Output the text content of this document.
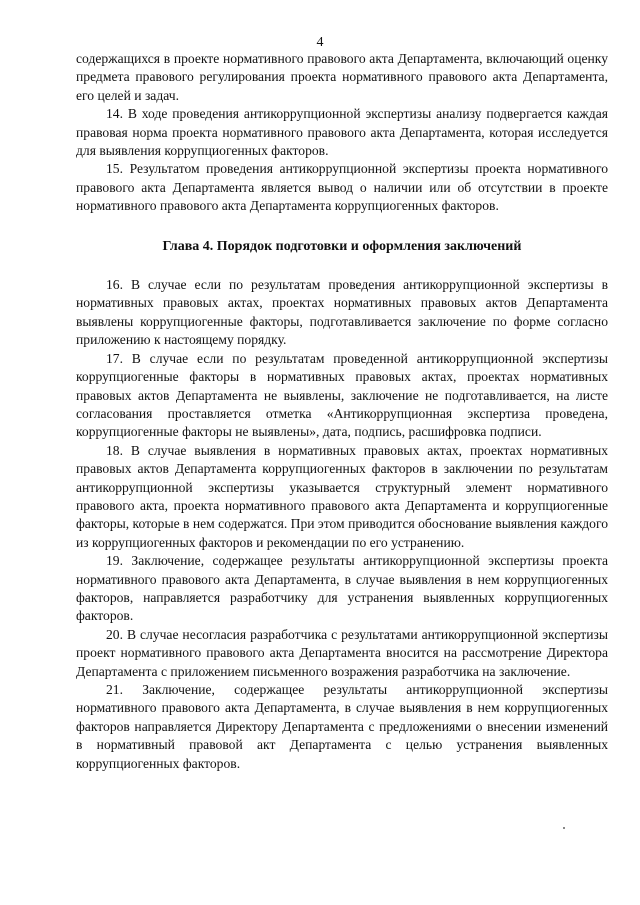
4

содержащихся в проекте нормативного правового акта Департамента, включающий оценку предмета правового регулирования проекта нормативного правового акта Департамента, его целей и задач.

14. В ходе проведения антикоррупционной экспертизы анализу подвергается каждая правовая норма проекта нормативного правового акта Департамента, которая исследуется для выявления коррупциогенных факторов.

15. Результатом проведения антикоррупционной экспертизы проекта нормативного правового акта Департамента является вывод о наличии или об отсутствии в проекте нормативного правового акта Департамента коррупциогенных факторов.

Глава 4. Порядок подготовки и оформления заключений

16. В случае если по результатам проведения антикоррупционной экспертизы в нормативных правовых актах, проектах нормативных правовых актов Департамента выявлены коррупциогенные факторы, подготавливается заключение по форме согласно приложению к настоящему порядку.

17. В случае если по результатам проведенной антикоррупционной экспертизы коррупциогенные факторы в нормативных правовых актах, проектах нормативных правовых актов Департамента не выявлены, заключение не подготавливается, на листе согласования проставляется отметка «Антикоррупционная экспертиза проведена, коррупциогенные факторы не выявлены», дата, подпись, расшифровка подписи.

18. В случае выявления в нормативных правовых актах, проектах нормативных правовых актов Департамента коррупциогенных факторов в заключении по результатам антикоррупционной экспертизы указывается структурный элемент нормативного правового акта, проекта нормативного правового акта Департамента и коррупциогенные факторы, которые в нем содержатся. При этом приводится обоснование выявления каждого из коррупциогенных факторов и рекомендации по его устранению.

19. Заключение, содержащее результаты антикоррупционной экспертизы проекта нормативного правового акта Департамента, в случае выявления в нем коррупциогенных факторов, направляется разработчику для устранения выявленных коррупциогенных факторов.

20. В случае несогласия разработчика с результатами антикоррупционной экспертизы проект нормативного правового акта Департамента вносится на рассмотрение Директора Департамента с приложением письменного возражения разработчика на заключение.

21. Заключение, содержащее результаты антикоррупционной экспертизы нормативного правового акта Департамента, в случае выявления в нем коррупциогенных факторов направляется Директору Департамента с предложениями о внесении изменений в нормативный правовой акт Департамента с целью устранения выявленных коррупциогенных факторов.
